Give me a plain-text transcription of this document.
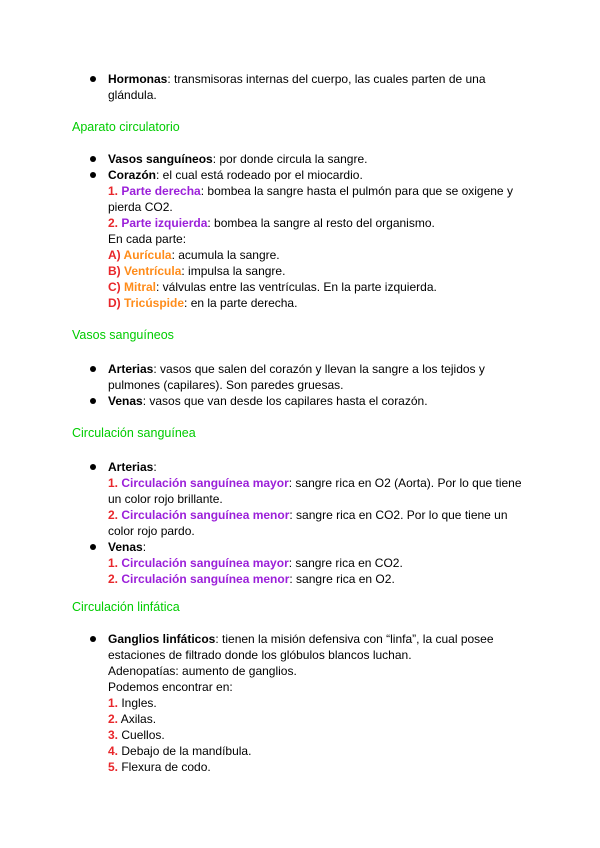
Hormonas: transmisoras internas del cuerpo, las cuales parten de una

glándula.

Aparato circulatorio

Vasos sanguíneos: por donde circula la sangre.

Corazón: el cual está rodeado por el miocardio.

1. Parte derecha: bombea la sangre hasta el pulmón para que se oxigene y

pierda CO2.

2. Parte izquierda: bombea la sangre al resto del organismo.

En cada parte:

A) Aurícula: acumula la sangre.

B) Ventrícula: impulsa la sangre.

C) Mitral: válvulas entre las ventrículas. En la parte izquierda.

D) Tricúspide: en la parte derecha.

Vasos sanguíneos

Arterias: vasos que salen del corazón y llevan la sangre a los tejidos y

pulmones (capilares). Son paredes gruesas.

Venas: vasos que van desde los capilares hasta el corazón.

Circulación sanguínea

Arterias:

1. Circulación sanguínea mayor: sangre rica en O2 (Aorta). Por lo que tiene

un color rojo brillante.

2. Circulación sanguínea menor: sangre rica en CO2. Por lo que tiene un

color rojo pardo.

Venas:

1. Circulación sanguínea mayor: sangre rica en CO2.

2. Circulación sanguínea menor: sangre rica en O2.

Circulación linfática

Ganglios linfáticos: tienen la misión defensiva con “linfa”, la cual posee

estaciones de filtrado donde los glóbulos blancos luchan.

Adenopatías: aumento de ganglios.

Podemos encontrar en:

1. Ingles.

2. Axilas.

3. Cuellos.

4. Debajo de la mandíbula.

5. Flexura de codo.
